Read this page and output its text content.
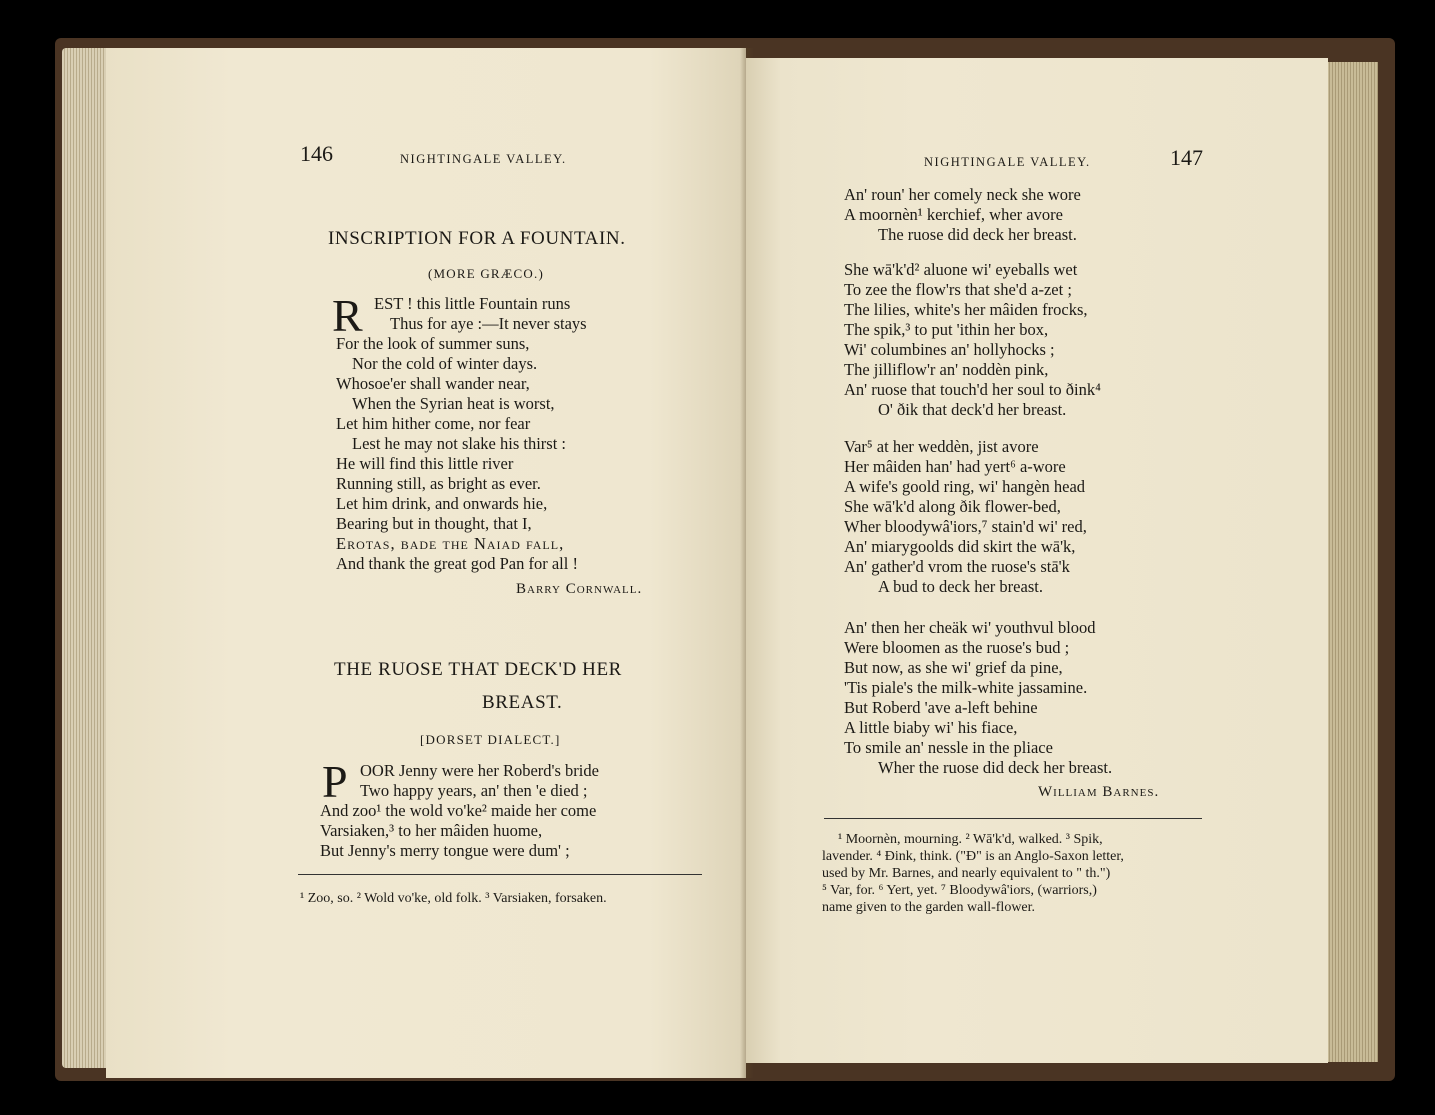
146	NIGHTINGALE VALLEY.
INSCRIPTION FOR A FOUNTAIN.
(MORE GRÆCO.)
R EST ! this little Fountain runs
Thus for aye :—It never stays
For the look of summer suns,
Nor the cold of winter days.
Whosoe'er shall wander near,
When the Syrian heat is worst,
Let him hither come, nor fear
Lest he may not slake his thirst :
He will find this little river
Running still, as bright as ever.
Let him drink, and onwards hie,
Bearing but in thought, that I,
Erotas, bade the Naiad fall,
And thank the great god Pan for all !
Barry Cornwall.
THE RUOSE THAT DECK'D HER
BREAST.
[DORSET DIALECT.]
P OOR Jenny were her Roberd's bride
Two happy years, an' then 'e died ;
And zoo¹ the wold vo'ke² maide her come
Varsiaken,³ to her mâiden huome,
But Jenny's merry tongue were dum' ;
¹ Zoo, so. ² Wold vo'ke, old folk. ³ Varsiaken, forsaken.
NIGHTINGALE VALLEY.	147
An' roun' her comely neck she wore
A moornèn¹ kerchief, wher avore
The ruose did deck her breast.
She wā'k'd² aluone wi' eyeballs wet
To zee the flow'rs that she'd a-zet ;
The lilies, white's her mâiden frocks,
The spik,³ to put 'ithin her box,
Wi' columbines an' hollyhocks ;
The jilliflow'r an' noddèn pink,
An' ruose that touch'd her soul to ðink⁴
O' ðik that deck'd her breast.
Var⁵ at her weddèn, jist avore
Her mâiden han' had yert⁶ a-wore
A wife's goold ring, wi' hangèn head
She wā'k'd along ðik flower-bed,
Wher bloodywâ'iors,⁷ stain'd wi' red,
An' miarygoolds did skirt the wā'k,
An' gather'd vrom the ruose's stā'k
A bud to deck her breast.
An' then her cheäk wi' youthvul blood
Were bloomen as the ruose's bud ;
But now, as she wi' grief da pine,
'Tis piale's the milk-white jassamine.
But Roberd 'ave a-left behine
A little biaby wi' his fiace,
To smile an' nessle in the pliace
Wher the ruose did deck her breast.
William Barnes.
¹ Moornèn, mourning. ² Wā'k'd, walked. ³ Spik,
lavender. ⁴ Ðink, think. ("Ð" is an Anglo-Saxon letter,
used by Mr. Barnes, and nearly equivalent to " th.")
⁵ Var, for. ⁶ Yert, yet. ⁷ Bloodywâ'iors, (warriors,)
name given to the garden wall-flower.
